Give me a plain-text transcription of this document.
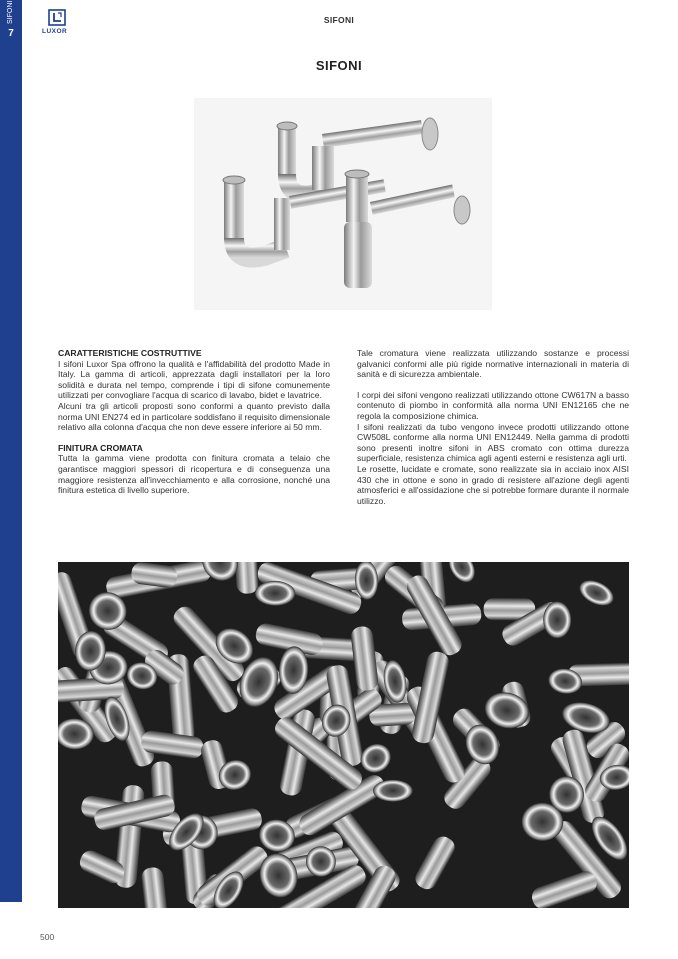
7
SIFONI
LUXOR
SIFONI
SIFONI
CARATTERISTICHE COSTRUTTIVE

I sifoni Luxor Spa offrono la qualità e l'affidabilità del prodotto Made in Italy. La gamma di articoli, apprezzata dagli installatori per la loro solidità e durata nel tempo, comprende i tipi di sifone comunemente utilizzati per convogliare l'acqua di scarico di lavabo, bidet e lavatrice.

Alcuni tra gli articoli proposti sono conformi a quanto previsto dalla norma UNI EN274 ed in particolare soddisfano il requisito dimensionale relativo alla colonna d'acqua che non deve essere inferiore ai 50 mm.

FINITURA CROMATA

Tutta la gamma viene prodotta con finitura cromata a telaio che garantisce maggiori spessori di ricopertura e di conseguenza una maggiore resistenza all'invecchiamento e alla corrosione, nonché una finitura estetica di livello superiore.

Tale cromatura viene realizzata utilizzando sostanze e processi galvanici conformi alle più rigide normative internazionali in materia di sanità e di sicurezza ambientale.

I corpi dei sifoni vengono realizzati utilizzando ottone CW617N a basso contenuto di piombo in conformità alla norma UNI EN12165 che ne regola la composizione chimica.

I sifoni realizzati da tubo vengono invece prodotti utilizzando ottone CW508L conforme alla norma UNI EN12449. Nella gamma di prodotti sono presenti inoltre sifoni in ABS cromato con ottima durezza superficiale, resistenza chimica agli agenti esterni e resistenza agli urti.

Le rosette, lucidate e cromate, sono realizzate sia in acciaio inox AISI 430 che in ottone e sono in grado di resistere all'azione degli agenti atmosferici e all'ossidazione che si potrebbe formare durante il normale utilizzo.

500
